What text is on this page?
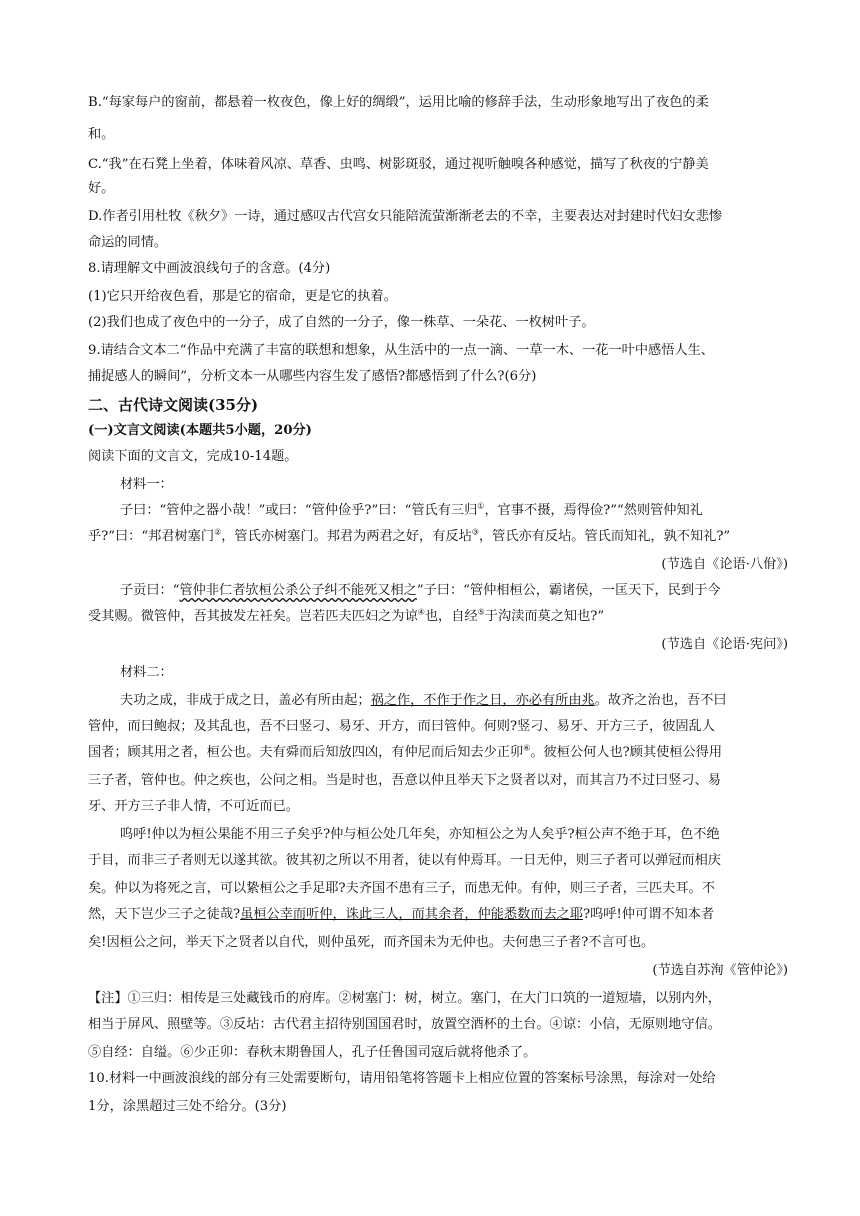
B.“每家每户的窗前，都悬着一枚夜色，像上好的绸缎”，运用比喻的修辞手法，生动形象地写出了夜色的柔
和。
C.“我”在石凳上坐着，体味着风凉、草香、虫鸣、树影斑驳，通过视听触嗅各种感觉，描写了秋夜的宁静美
好。
D.作者引用杜牧《秋夕》一诗，通过感叹古代宫女只能陪流萤渐渐老去的不幸，主要表达对封建时代妇女悲惨
命运的同情。
8.请理解文中画波浪线句子的含意。(4分)
(1)它只开给夜色看，那是它的宿命，更是它的执着。
(2)我们也成了夜色中的一分子，成了自然的一分子，像一株草、一朵花、一枚树叶子。
9.请结合文本二“作品中充满了丰富的联想和想象，从生活中的一点一滴、一草一木、一花一叶中感悟人生、
捕捉感人的瞬间”，分析文本一从哪些内容生发了感悟?都感悟到了什么?(6分)
二、古代诗文阅读(35分)
(一)文言文阅读(本题共5小题，20分)
阅读下面的文言文，完成10-14题。
材料一：
子曰：“管仲之器小哉！”或曰：“管仲俭乎?”曰：“管氏有三归①，官事不摄，焉得俭?”“然则管仲知礼
乎?”曰：“邦君树塞门②，管氏亦树塞门。邦君为两君之好，有反坫③，管氏亦有反坫。管氏而知礼，孰不知礼?”
(节选自《论语·八佾》)
子贡曰：“管仲非仁者欤桓公杀公子纠不能死又相之”子曰：“管仲相桓公，霸诸侯，一匡天下，民到于今
受其赐。微管仲，吾其披发左衽矣。岂若匹夫匹妇之为谅④也，自经⑤于沟渎而莫之知也?”
(节选自《论语·宪问》)
材料二：
夫功之成，非成于成之日，盖必有所由起；祸之作，不作于作之日，亦必有所由兆。故齐之治也，吾不曰
管仲，而曰鲍叔；及其乱也，吾不曰竖刁、易牙、开方，而曰管仲。何则?竖刁、易牙、开方三子，彼固乱人
国者；顾其用之者，桓公也。夫有舜而后知放四凶，有仲尼而后知去少正卯⑥。彼桓公何人也?顾其使桓公得用
三子者，管仲也。仲之疾也，公问之相。当是时也，吾意以仲且举天下之贤者以对，而其言乃不过曰竖刁、易
牙、开方三子非人情，不可近而已。
呜呼!仲以为桓公果能不用三子矣乎?仲与桓公处几年矣，亦知桓公之为人矣乎?桓公声不绝于耳，色不绝
于目，而非三子者则无以遂其欲。彼其初之所以不用者，徒以有仲焉耳。一日无仲，则三子者可以弹冠而相庆
矣。仲以为将死之言，可以絷桓公之手足耶?夫齐国不患有三子，而患无仲。有仲，则三子者，三匹夫耳。不
然，天下岂少三子之徒哉?虽桓公幸而听仲，诛此三人，而其余者，仲能悉数而去之耶?呜呼!仲可谓不知本者
矣!因桓公之问，举天下之贤者以自代，则仲虽死，而齐国未为无仲也。夫何患三子者?不言可也。
(节选自苏洵《管仲论》)
【注】①三归：相传是三处藏钱币的府库。②树塞门：树，树立。塞门，在大门口筑的一道短墙，以别内外，
相当于屏风、照壁等。③反坫：古代君主招待别国国君时，放置空酒杯的土台。④谅：小信，无原则地守信。
⑤自经：自缢。⑥少正卯：春秋末期鲁国人，孔子任鲁国司寇后就将他杀了。
10.材料一中画波浪线的部分有三处需要断句，请用铅笔将答题卡上相应位置的答案标号涂黑，每涂对一处给
1分，涂黑超过三处不给分。(3分)
